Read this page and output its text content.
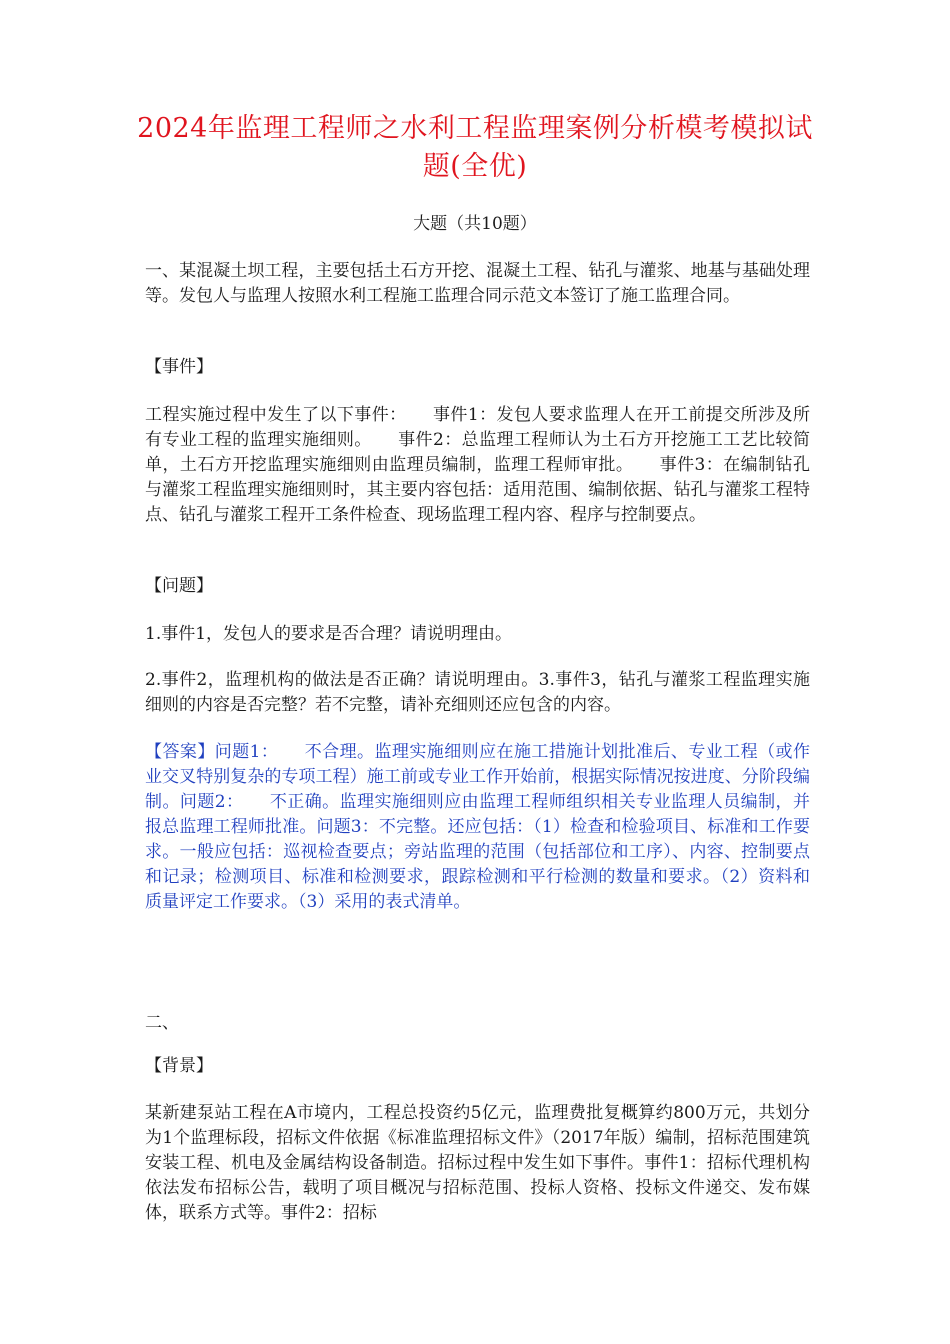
2024年监理工程师之水利工程监理案例分析模考模拟试题(全优)
大题（共10题）

一、某混凝土坝工程，主要包括土石方开挖、混凝土工程、钻孔与灌浆、地基与基础处理等。发包人与监理人按照水利工程施工监理合同示范文本签订了施工监理合同。

【事件】

工程实施过程中发生了以下事件：　　事件1：发包人要求监理人在开工前提交所涉及所有专业工程的监理实施细则。　　事件2：总监理工程师认为土石方开挖施工工艺比较简单，土石方开挖监理实施细则由监理员编制，监理工程师审批。　　事件3：在编制钻孔与灌浆工程监理实施细则时，其主要内容包括：适用范围、编制依据、钻孔与灌浆工程特点、钻孔与灌浆工程开工条件检查、现场监理工程内容、程序与控制要点。

【问题】

1.事件1，发包人的要求是否合理？请说明理由。

2.事件2，监理机构的做法是否正确？请说明理由。3.事件3，钻孔与灌浆工程监理实施细则的内容是否完整？若不完整，请补充细则还应包含的内容。

【答案】问题1：　　不合理。监理实施细则应在施工措施计划批准后、专业工程（或作业交叉特别复杂的专项工程）施工前或专业工作开始前，根据实际情况按进度、分阶段编制。问题2：　　不正确。监理实施细则应由监理工程师组织相关专业监理人员编制，并报总监理工程师批准。问题3：不完整。还应包括：（1）检查和检验项目、标准和工作要求。一般应包括：巡视检查要点；旁站监理的范围（包括部位和工序）、内容、控制要点和记录；检测项目、标准和检测要求，跟踪检测和平行检测的数量和要求。（2）资料和质量评定工作要求。（3）采用的表式清单。

二、

【背景】

某新建泵站工程在A市境内，工程总投资约5亿元，监理费批复概算约800万元，共划分为1个监理标段，招标文件依据《标准监理招标文件》（2017年版）编制，招标范围建筑安装工程、机电及金属结构设备制造。招标过程中发生如下事件。事件1：招标代理机构依法发布招标公告，载明了项目概况与招标范围、投标人资格、投标文件递交、发布媒体，联系方式等。事件2：招标
